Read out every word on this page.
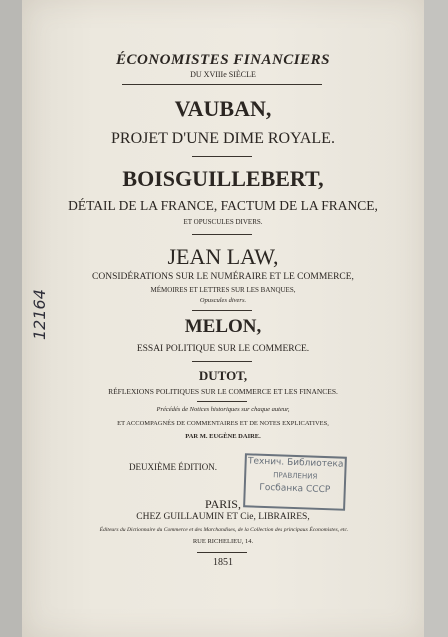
ÉCONOMISTES FINANCIERS
DU XVIIIe SIÈCLE
VAUBAN,
PROJET D'UNE DIME ROYALE.
BOISGUILLEBERT,
DÉTAIL DE LA FRANCE, FACTUM DE LA FRANCE,
ET OPUSCULES DIVERS.
JEAN LAW,
CONSIDÉRATIONS SUR LE NUMÉRAIRE ET LE COMMERCE,
MÉMOIRES ET LETTRES SUR LES BANQUES,
Opuscules divers.
MELON,
ESSAI POLITIQUE SUR LE COMMERCE.
DUTOT,
RÉFLEXIONS POLITIQUES SUR LE COMMERCE ET LES FINANCES.
Précédés de Notices historiques sur chaque auteur,
ET ACCOMPAGNÉS DE COMMENTAIRES ET DE NOTES EXPLICATIVES,
PAR M. EUGÈNE DAIRE.
DEUXIÈME ÉDITION.	Технич. Библиотека
ПРАВЛЕНИЯ
Госбанка СССР
PARIS,
CHEZ GUILLAUMIN ET Cie, LIBRAIRES,
Éditeurs du Dictionnaire du Commerce et des Marchandises, de la Collection des principaux Économistes, etc.
RUE RICHELIEU, 14.
1851
12164
